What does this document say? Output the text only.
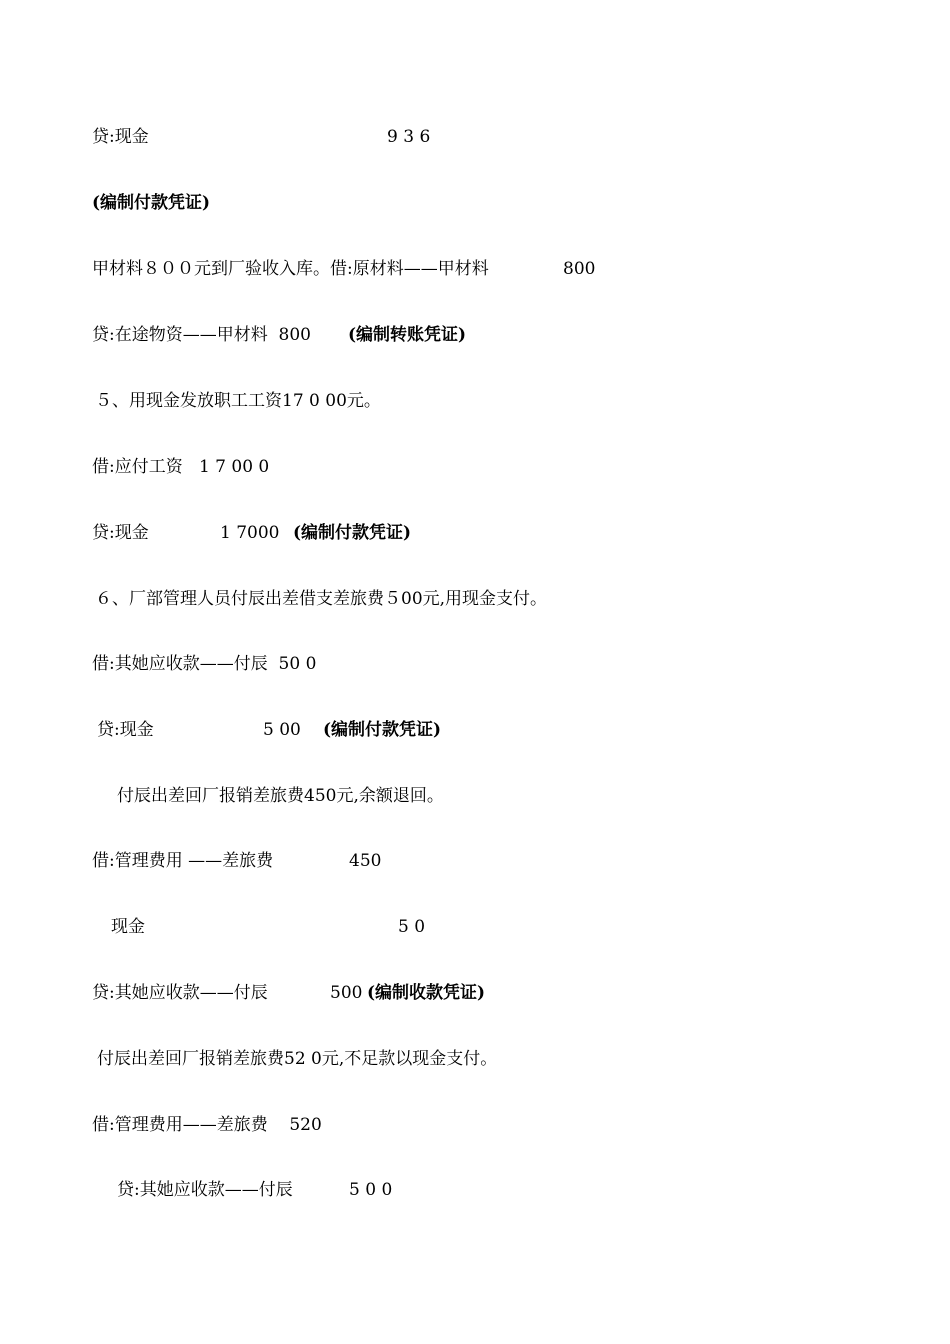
贷:现金

	9 3 6

(编制付款凭证)

甲材料８００元到厂验收入库。借:原材料——甲材料

	800

贷:在途物资——甲材料  800

(编制转账凭证)

５、用现金发放职工工资17 0 00元。

借:应付工资   1 7 00 0

贷:现金

	1 7000

(编制付款凭证)

６、厂部管理人员付辰出差借支差旅费５00元,用现金支付。

借:其她应收款——付辰  50 0

贷:现金

	5 00

(编制付款凭证)

付辰出差回厂报销差旅费450元,余额退回。

借:管理费用 ——差旅费

	450

现金

	5 0

贷:其她应收款——付辰

	500

(编制收款凭证)

付辰出差回厂报销差旅费52 0元,不足款以现金支付。

借:管理费用——差旅费    520

贷:其她应收款——付辰

	5 0 0
